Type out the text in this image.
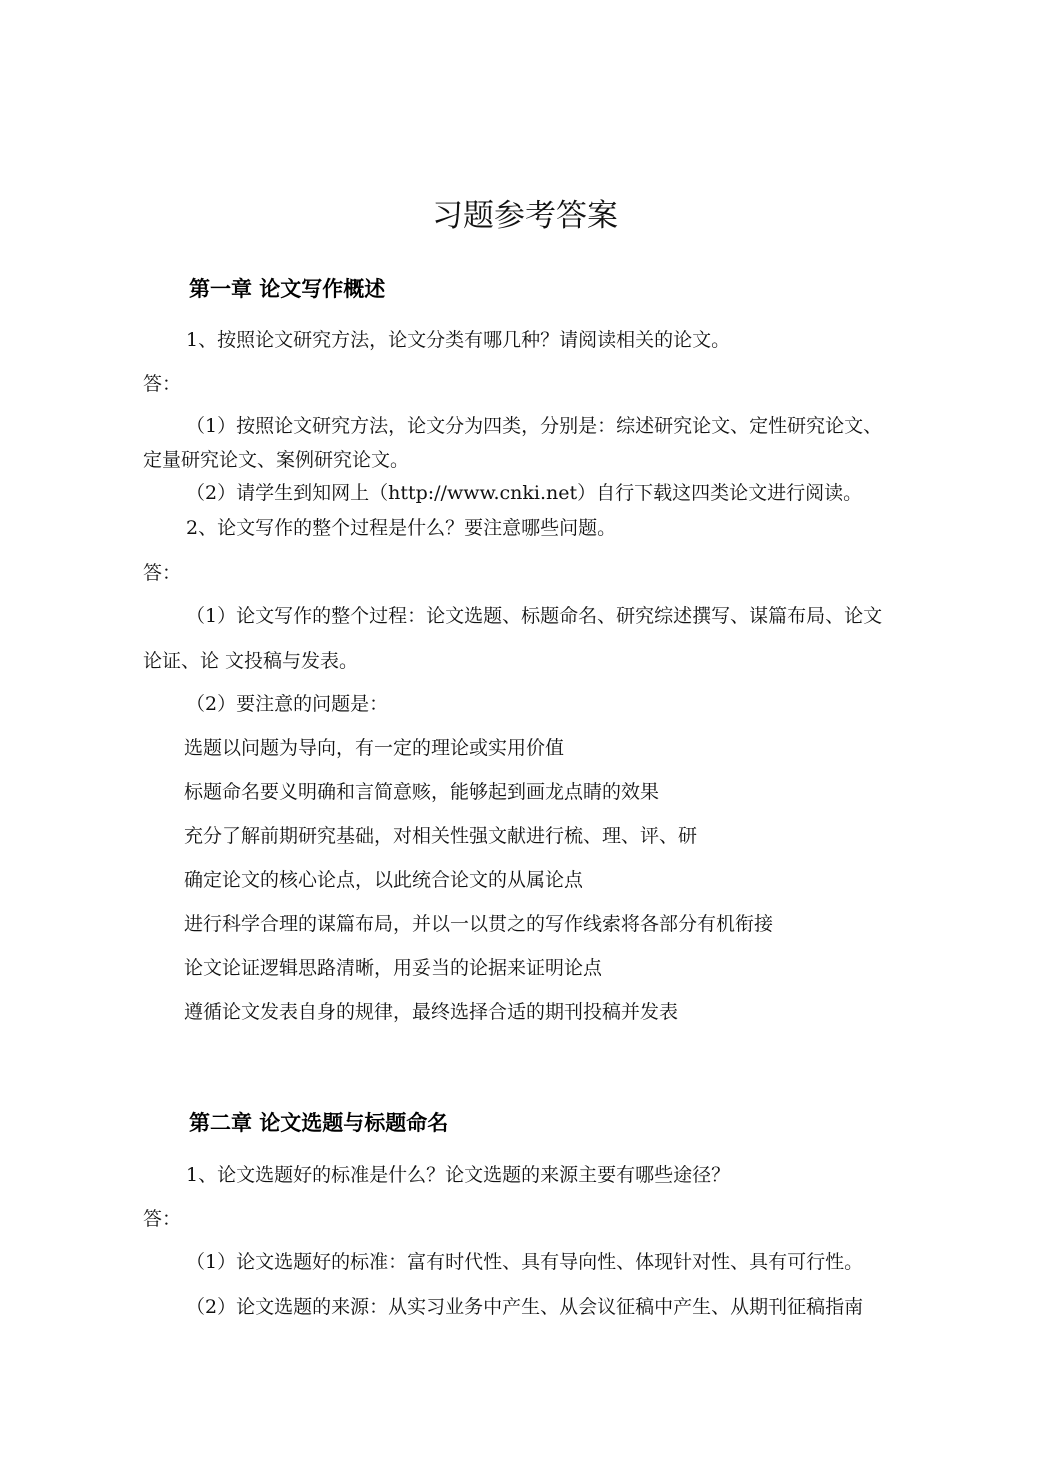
习题参考答案
第一章 论文写作概述
1、按照论文研究方法，论文分类有哪几种？请阅读相关的论文。
答：
（1）按照论文研究方法，论文分为四类，分别是：综述研究论文、定性研究论文、
定量研究论文、案例研究论文。
（2）请学生到知网上（http://www.cnki.net）自行下载这四类论文进行阅读。
2、论文写作的整个过程是什么？要注意哪些问题。
答：
（1）论文写作的整个过程：论文选题、标题命名、研究综述撰写、谋篇布局、论文
论证、论 文投稿与发表。
（2）要注意的问题是：
选题以问题为导向，有一定的理论或实用价值
标题命名要义明确和言简意赅，能够起到画龙点睛的效果
充分了解前期研究基础，对相关性强文献进行梳、理、评、研
确定论文的核心论点，以此统合论文的从属论点
进行科学合理的谋篇布局，并以一以贯之的写作线索将各部分有机衔接
论文论证逻辑思路清晰，用妥当的论据来证明论点
遵循论文发表自身的规律，最终选择合适的期刊投稿并发表
第二章 论文选题与标题命名
1、论文选题好的标准是什么？论文选题的来源主要有哪些途径？
答：
（1）论文选题好的标准：富有时代性、具有导向性、体现针对性、具有可行性。
（2）论文选题的来源：从实习业务中产生、从会议征稿中产生、从期刊征稿指南
